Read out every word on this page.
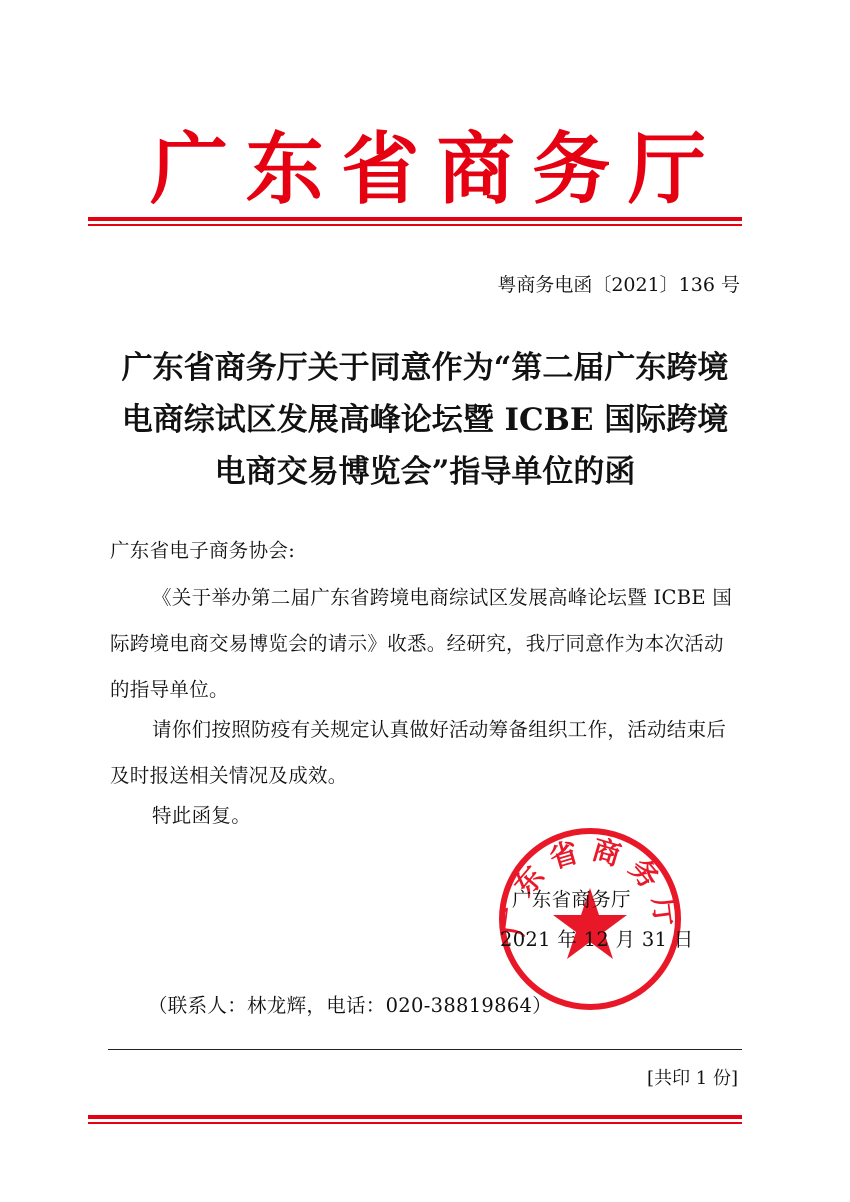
广 东 省 商 务 厅
粤商务电函〔2021〕136 号
广东省商务厅关于同意作为“第二届广东跨境
电商综试区发展高峰论坛暨 ICBE 国际跨境
电商交易博览会”指导单位的函
广东省电子商务协会:
《关于举办第二届广东省跨境电商综试区发展高峰论坛暨 ICBE 国际跨境电商交易博览会的请示》收悉。经研究，我厅同意作为本次活动的指导单位。
请你们按照防疫有关规定认真做好活动筹备组织工作，活动结束后及时报送相关情况及成效。
特此函复。
广东省商务厅
广东省商务厅
2021 年 12 月 31 日
（联系人：林龙辉，电话：020-38819864）
[共印 1 份]
